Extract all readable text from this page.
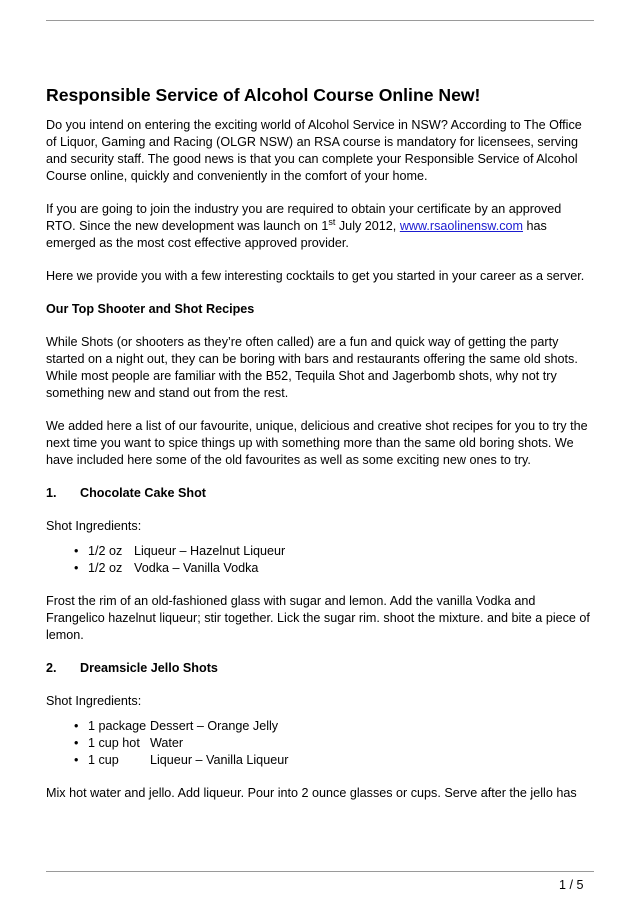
Responsible Service of Alcohol Course Online New!

Do you intend on entering the exciting world of Alcohol Service in NSW? According to The Office of Liquor, Gaming and Racing (OLGR NSW) an RSA course is mandatory for licensees, serving and security staff. The good news is that you can complete your Responsible Service of Alcohol Course online, quickly and conveniently in the comfort of your home.

If you are going to join the industry you are required to obtain your certificate by an approved RTO. Since the new development was launch on 1st July 2012, www.rsaolinensw.com has emerged as the most cost effective approved provider.

Here we provide you with a few interesting cocktails to get you started in your career as a server.

Our Top Shooter and Shot Recipes

While Shots (or shooters as they’re often called) are a fun and quick way of getting the party started on a night out, they can be boring with bars and restaurants offering the same old shots. While most people are familiar with the B52, Tequila Shot and Jagerbomb shots, why not try something new and stand out from the rest.

We added here a list of our favourite, unique, delicious and creative shot recipes for you to try the next time you want to spice things up with something more than the same old boring shots. We have included here some of the old favourites as well as some exciting new ones to try.

1. Chocolate Cake Shot

Shot Ingredients:

• 1/2 oz Liqueur – Hazelnut Liqueur
• 1/2 oz Vodka – Vanilla Vodka

Frost the rim of an old-fashioned glass with sugar and lemon. Add the vanilla Vodka and Frangelico hazelnut liqueur; stir together. Lick the sugar rim. shoot the mixture. and bite a piece of lemon.

2. Dreamsicle Jello Shots

Shot Ingredients:

• 1 package Dessert – Orange Jelly
• 1 cup hot Water
• 1 cup Liqueur – Vanilla Liqueur

Mix hot water and jello. Add liqueur. Pour into 2 ounce glasses or cups. Serve after the jello has

1 / 5
